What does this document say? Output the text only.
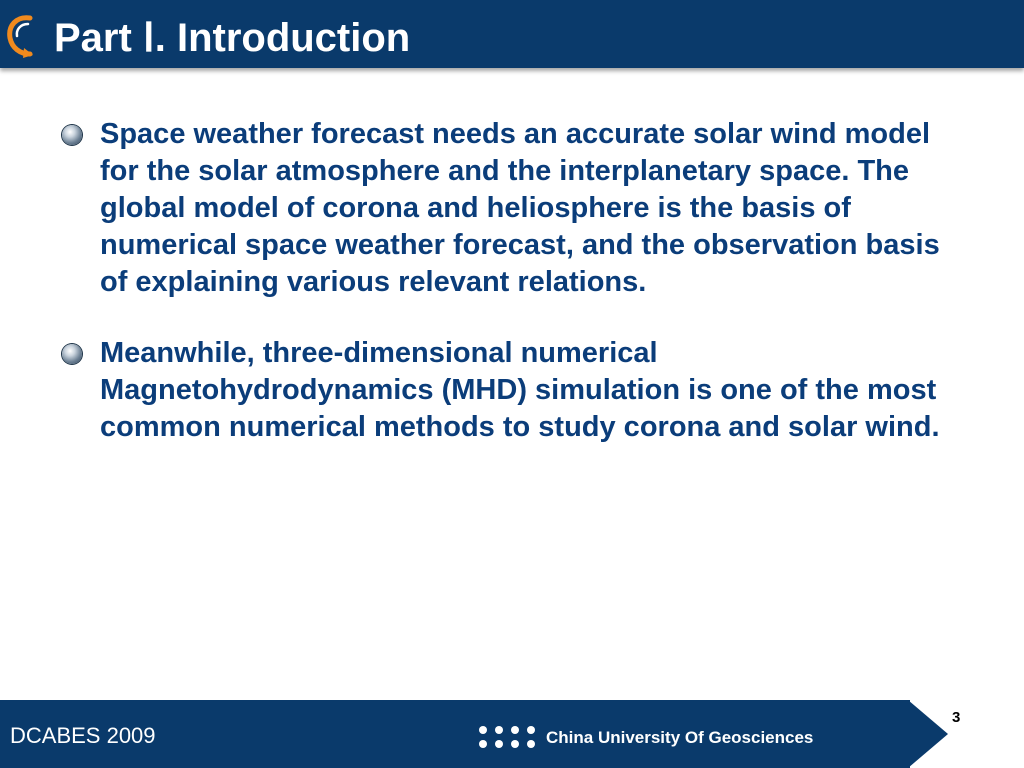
Part Ⅰ. Introduction
Space weather forecast needs an accurate solar wind model for the solar atmosphere and the interplanetary space. The global model of corona and heliosphere is the basis of numerical space weather forecast, and the observation basis of explaining various relevant relations.
Meanwhile, three-dimensional numerical Magnetohydrodynamics (MHD) simulation is one of the most common numerical methods to study corona and solar wind.
DCABES 2009	China University Of Geosciences
3
